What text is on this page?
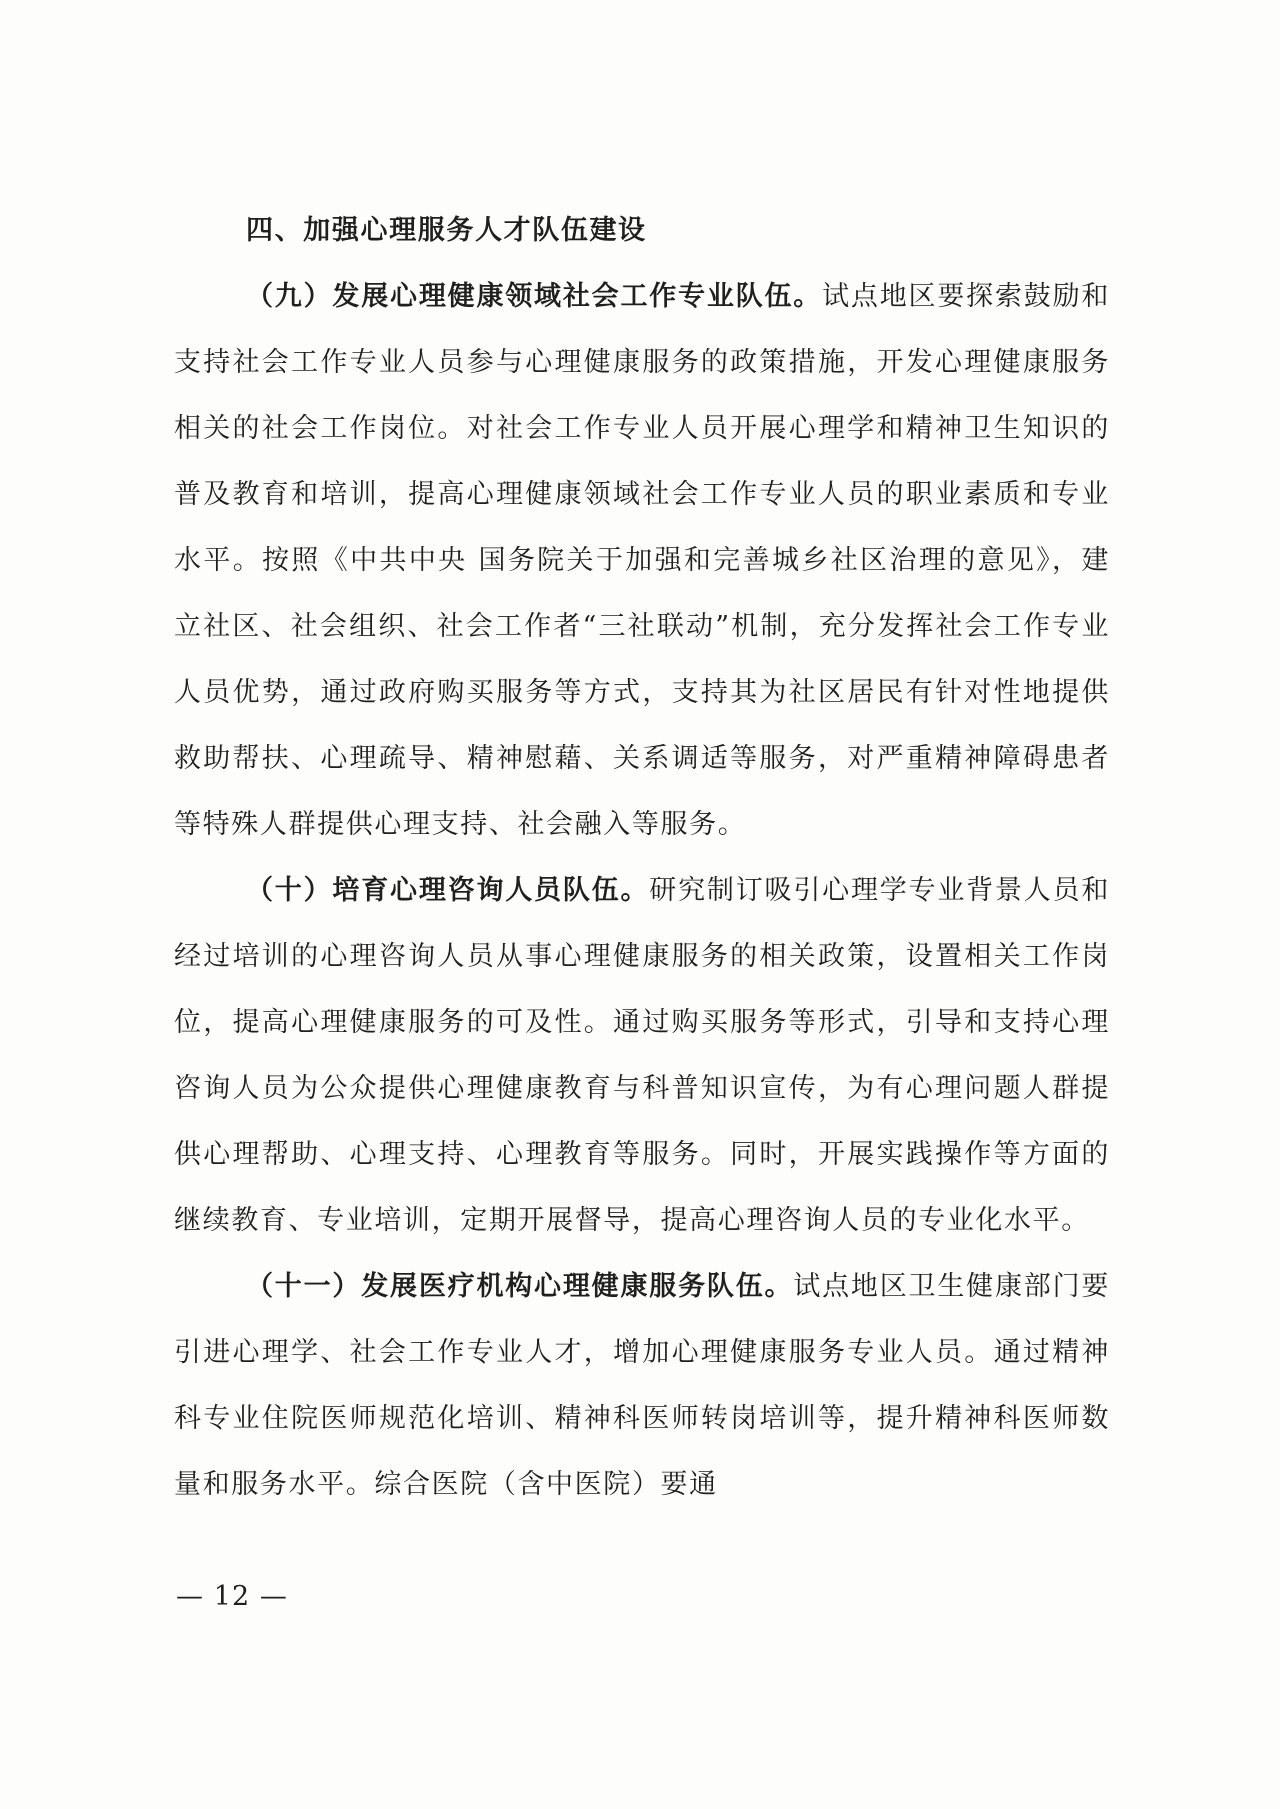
四、加强心理服务人才队伍建设

（九）发展心理健康领域社会工作专业队伍。试点地区要探索鼓励和支持社会工作专业人员参与心理健康服务的政策措施，开发心理健康服务相关的社会工作岗位。对社会工作专业人员开展心理学和精神卫生知识的普及教育和培训，提高心理健康领域社会工作专业人员的职业素质和专业水平。按照《中共中央 国务院关于加强和完善城乡社区治理的意见》，建立社区、社会组织、社会工作者“三社联动”机制，充分发挥社会工作专业人员优势，通过政府购买服务等方式，支持其为社区居民有针对性地提供救助帮扶、心理疏导、精神慰藉、关系调适等服务，对严重精神障碍患者等特殊人群提供心理支持、社会融入等服务。

（十）培育心理咨询人员队伍。研究制订吸引心理学专业背景人员和经过培训的心理咨询人员从事心理健康服务的相关政策，设置相关工作岗位，提高心理健康服务的可及性。通过购买服务等形式，引导和支持心理咨询人员为公众提供心理健康教育与科普知识宣传，为有心理问题人群提供心理帮助、心理支持、心理教育等服务。同时，开展实践操作等方面的继续教育、专业培训，定期开展督导，提高心理咨询人员的专业化水平。

（十一）发展医疗机构心理健康服务队伍。试点地区卫生健康部门要引进心理学、社会工作专业人才，增加心理健康服务专业人员。通过精神科专业住院医师规范化培训、精神科医师转岗培训等，提升精神科医师数量和服务水平。综合医院（含中医院）要通

— 12 —
